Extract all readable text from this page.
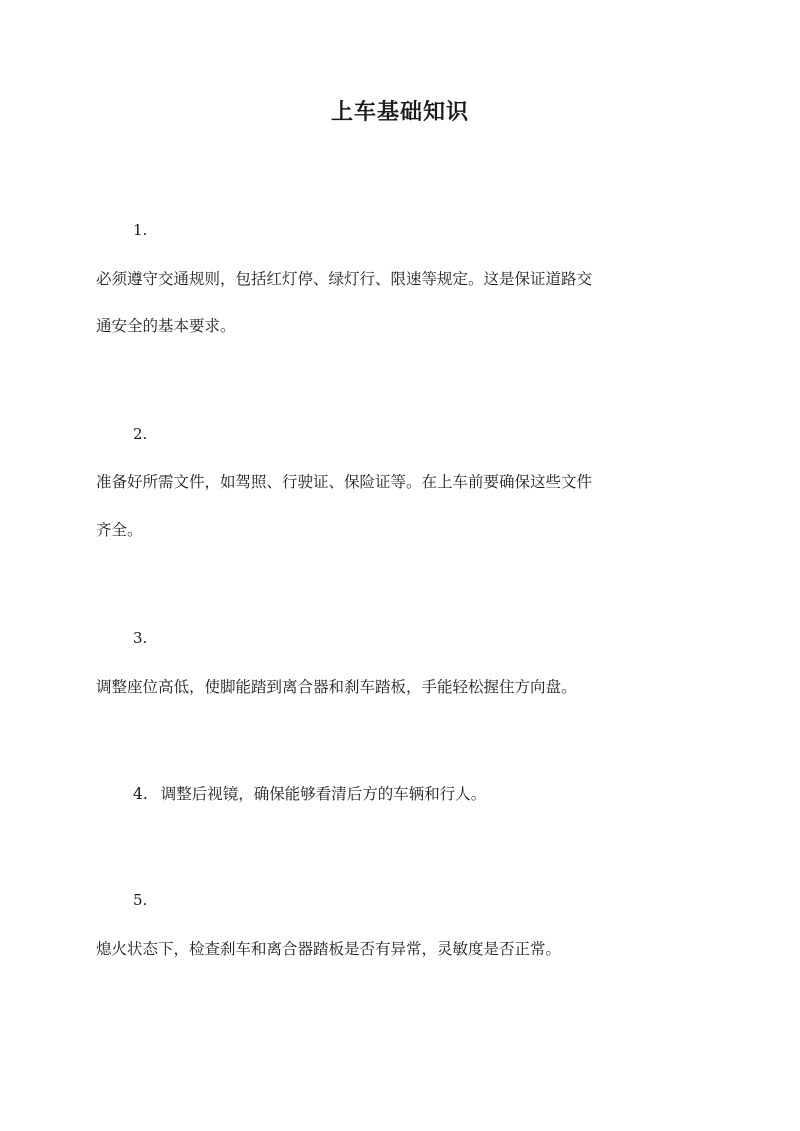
上车基础知识
1.
必须遵守交通规则，包括红灯停、绿灯行、限速等规定。这是保证道路交
通安全的基本要求。
2.
准备好所需文件，如驾照、行驶证、保险证等。在上车前要确保这些文件
齐全。
3.
调整座位高低，使脚能踏到离合器和刹车踏板，手能轻松握住方向盘。
4. 调整后视镜，确保能够看清后方的车辆和行人。
5.
熄火状态下，检查刹车和离合器踏板是否有异常，灵敏度是否正常。
